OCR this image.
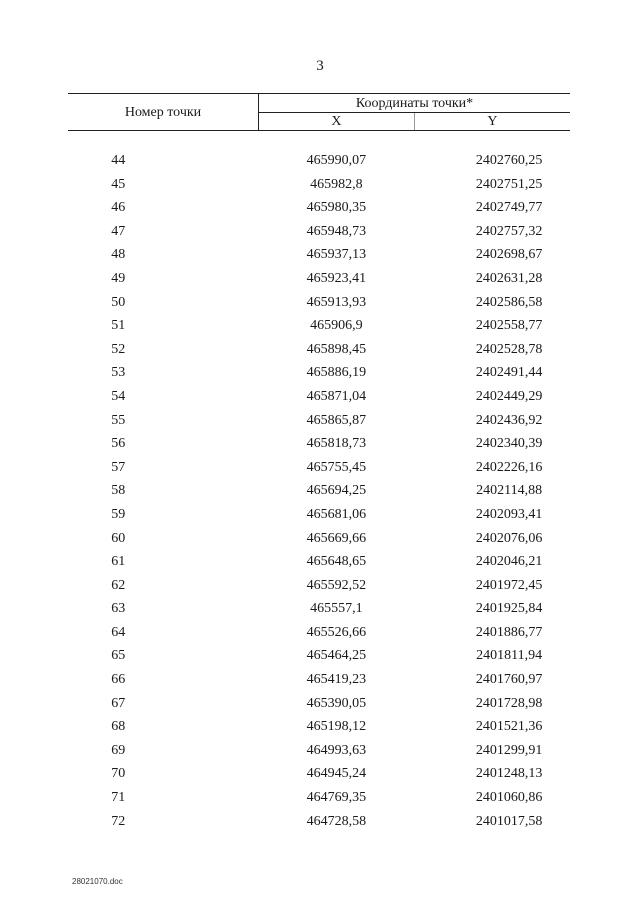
3
Номер точки	Координаты точки*	
	X	Y
44	465990,07	2402760,25
45	465982,8	2402751,25
46	465980,35	2402749,77
47	465948,73	2402757,32
48	465937,13	2402698,67
49	465923,41	2402631,28
50	465913,93	2402586,58
51	465906,9	2402558,77
52	465898,45	2402528,78
53	465886,19	2402491,44
54	465871,04	2402449,29
55	465865,87	2402436,92
56	465818,73	2402340,39
57	465755,45	2402226,16
58	465694,25	2402114,88
59	465681,06	2402093,41
60	465669,66	2402076,06
61	465648,65	2402046,21
62	465592,52	2401972,45
63	465557,1	2401925,84
64	465526,66	2401886,77
65	465464,25	2401811,94
66	465419,23	2401760,97
67	465390,05	2401728,98
68	465198,12	2401521,36
69	464993,63	2401299,91
70	464945,24	2401248,13
71	464769,35	2401060,86
72	464728,58	2401017,58
28021070.doc
